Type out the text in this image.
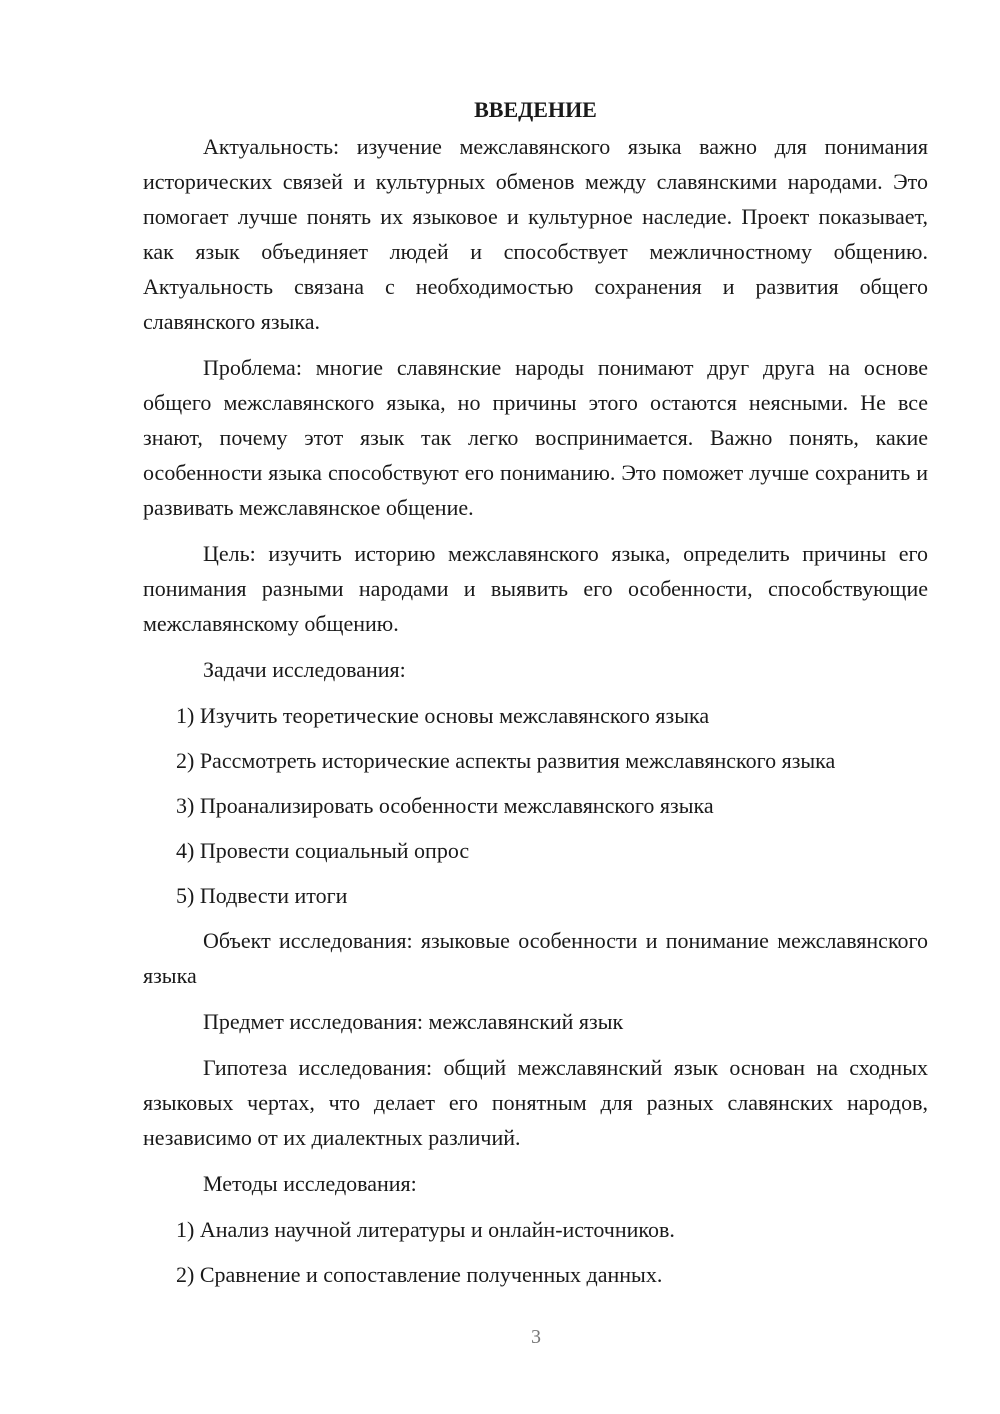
ВВЕДЕНИЕ

Актуальность: изучение межславянского языка важно для понимания исторических связей и культурных обменов между славянскими народами. Это помогает лучше понять их языковое и культурное наследие. Проект показывает, как язык объединяет людей и способствует межличностному общению. Актуальность связана с необходимостью сохранения и развития общего славянского языка.

Проблема: многие славянские народы понимают друг друга на основе общего межславянского языка, но причины этого остаются неясными. Не все знают, почему этот язык так легко воспринимается. Важно понять, какие особенности языка способствуют его пониманию. Это поможет лучше сохранить и развивать межславянское общение.

Цель: изучить историю межславянского языка, определить причины его понимания разными народами и выявить его особенности, способствующие межславянскому общению.

Задачи исследования:

1) Изучить теоретические основы межславянского языка
2) Рассмотреть исторические аспекты развития межславянского языка
3) Проанализировать особенности межславянского языка
4) Провести социальный опрос
5) Подвести итоги

Объект исследования: языковые особенности и понимание межславянского языка

Предмет исследования: межславянский язык

Гипотеза исследования: общий межславянский язык основан на сходных языковых чертах, что делает его понятным для разных славянских народов, независимо от их диалектных различий.

Методы исследования:

1) Анализ научной литературы и онлайн-источников.
2) Сравнение и сопоставление полученных данных.
3
